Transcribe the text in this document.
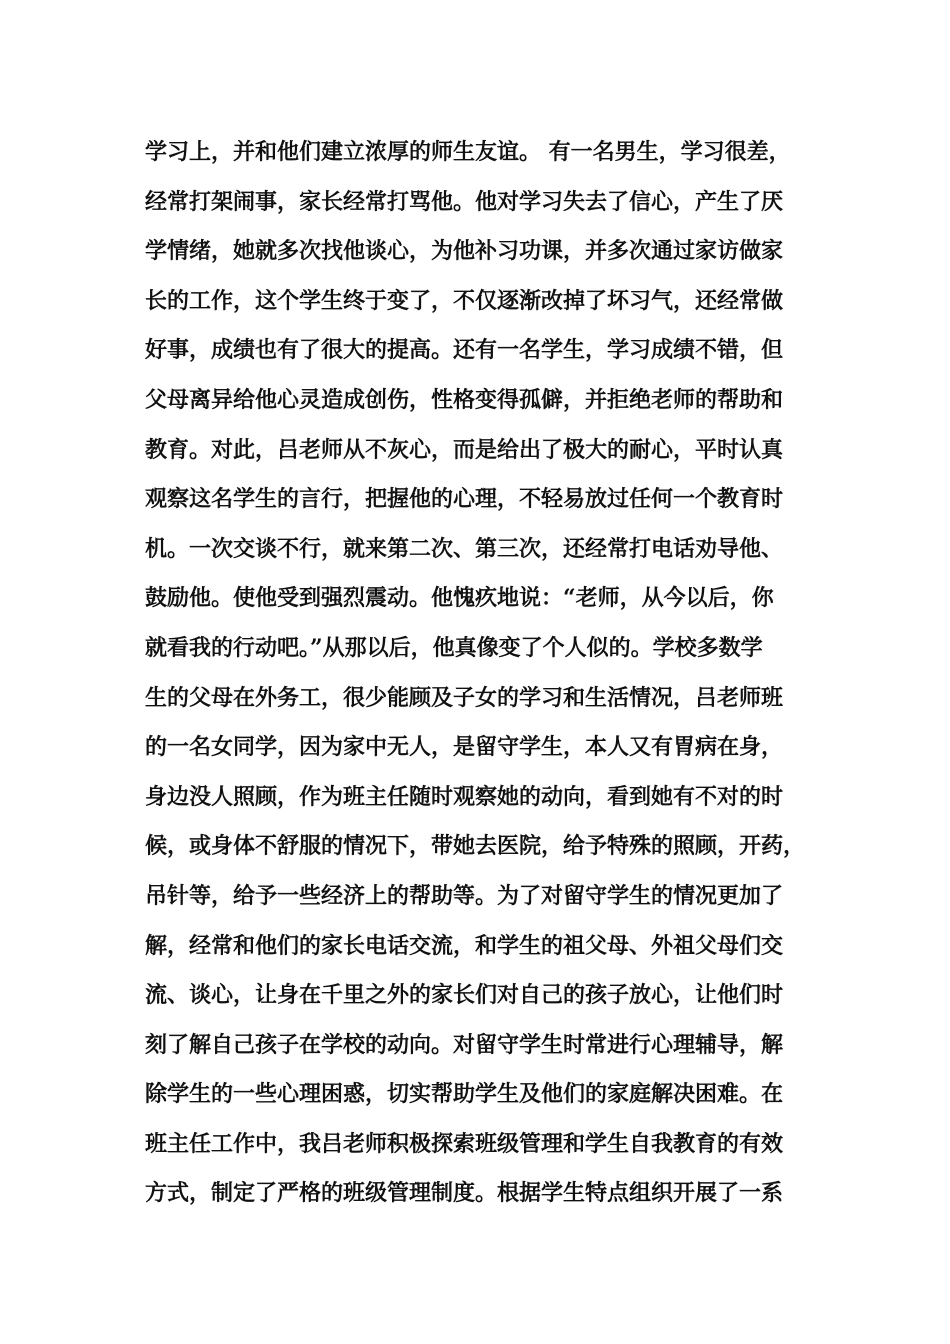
学习上，并和他们建立浓厚的师生友谊。 有一名男生，学习很差，
经常打架闹事，家长经常打骂他。他对学习失去了信心，产生了厌
学情绪，她就多次找他谈心，为他补习功课，并多次通过家访做家
长的工作，这个学生终于变了，不仅逐渐改掉了坏习气，还经常做
好事，成绩也有了很大的提高。还有一名学生，学习成绩不错，但
父母离异给他心灵造成创伤，性格变得孤僻，并拒绝老师的帮助和
教育。对此，吕老师从不灰心，而是给出了极大的耐心，平时认真
观察这名学生的言行，把握他的心理，不轻易放过任何一个教育时
机。一次交谈不行，就来第二次、第三次，还经常打电话劝导他、
鼓励他。使他受到强烈震动。他愧疚地说：“老师，从今以后，你
就看我的行动吧。”从那以后，他真像变了个人似的。学校多数学
生的父母在外务工，很少能顾及子女的学习和生活情况，吕老师班
的一名女同学，因为家中无人，是留守学生，本人又有胃病在身，
身边没人照顾，作为班主任随时观察她的动向，看到她有不对的时
候，或身体不舒服的情况下，带她去医院，给予特殊的照顾，开药，
吊针等，给予一些经济上的帮助等。为了对留守学生的情况更加了
解，经常和他们的家长电话交流，和学生的祖父母、外祖父母们交
流、谈心，让身在千里之外的家长们对自己的孩子放心，让他们时
刻了解自己孩子在学校的动向。对留守学生时常进行心理辅导，解
除学生的一些心理困惑，切实帮助学生及他们的家庭解决困难。在
班主任工作中，我吕老师积极探索班级管理和学生自我教育的有效
方式，制定了严格的班级管理制度。根据学生特点组织开展了一系
